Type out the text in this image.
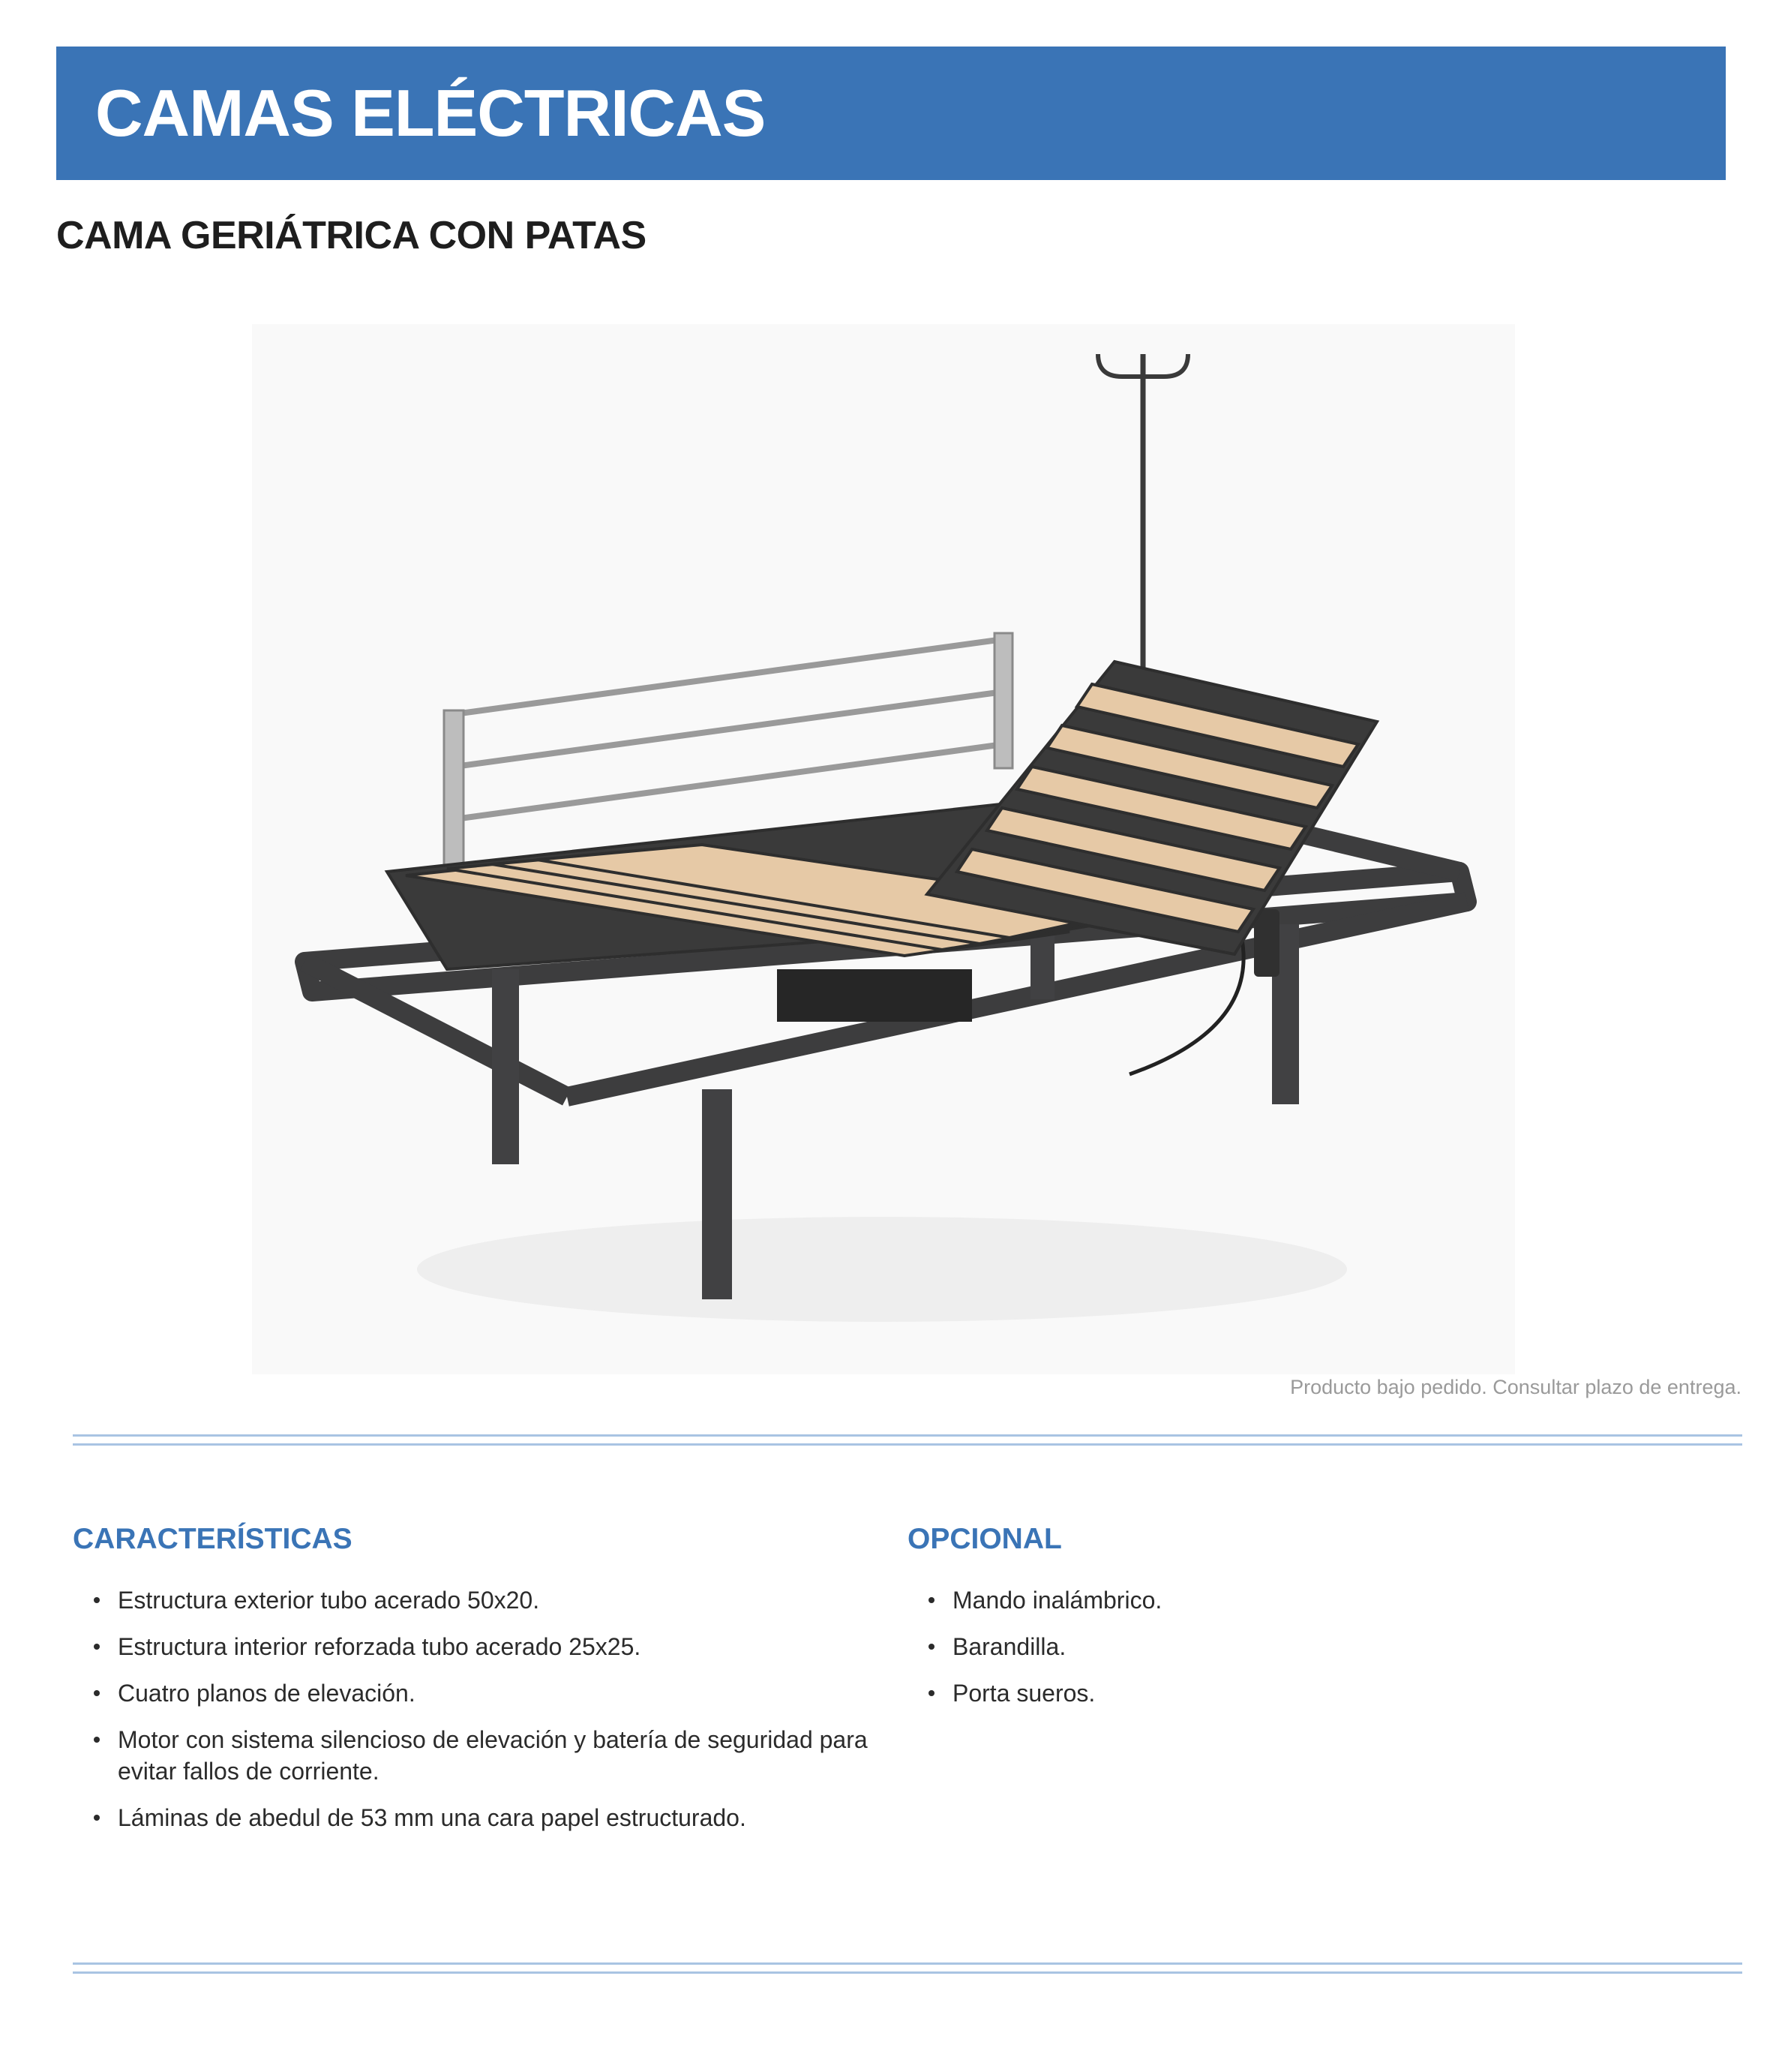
CAMAS ELÉCTRICAS
CAMA GERIÁTRICA CON PATAS
Producto bajo pedido. Consultar plazo de entrega.
CARACTERÍSTICAS
Estructura exterior tubo acerado 50x20.
Estructura interior reforzada tubo acerado 25x25.
Cuatro planos de elevación.
Motor con sistema silencioso de elevación y batería de seguridad para evitar fallos de corriente.
Láminas de abedul de 53 mm una cara papel estructurado.
OPCIONAL
Mando inalámbrico.
Barandilla.
Porta sueros.
